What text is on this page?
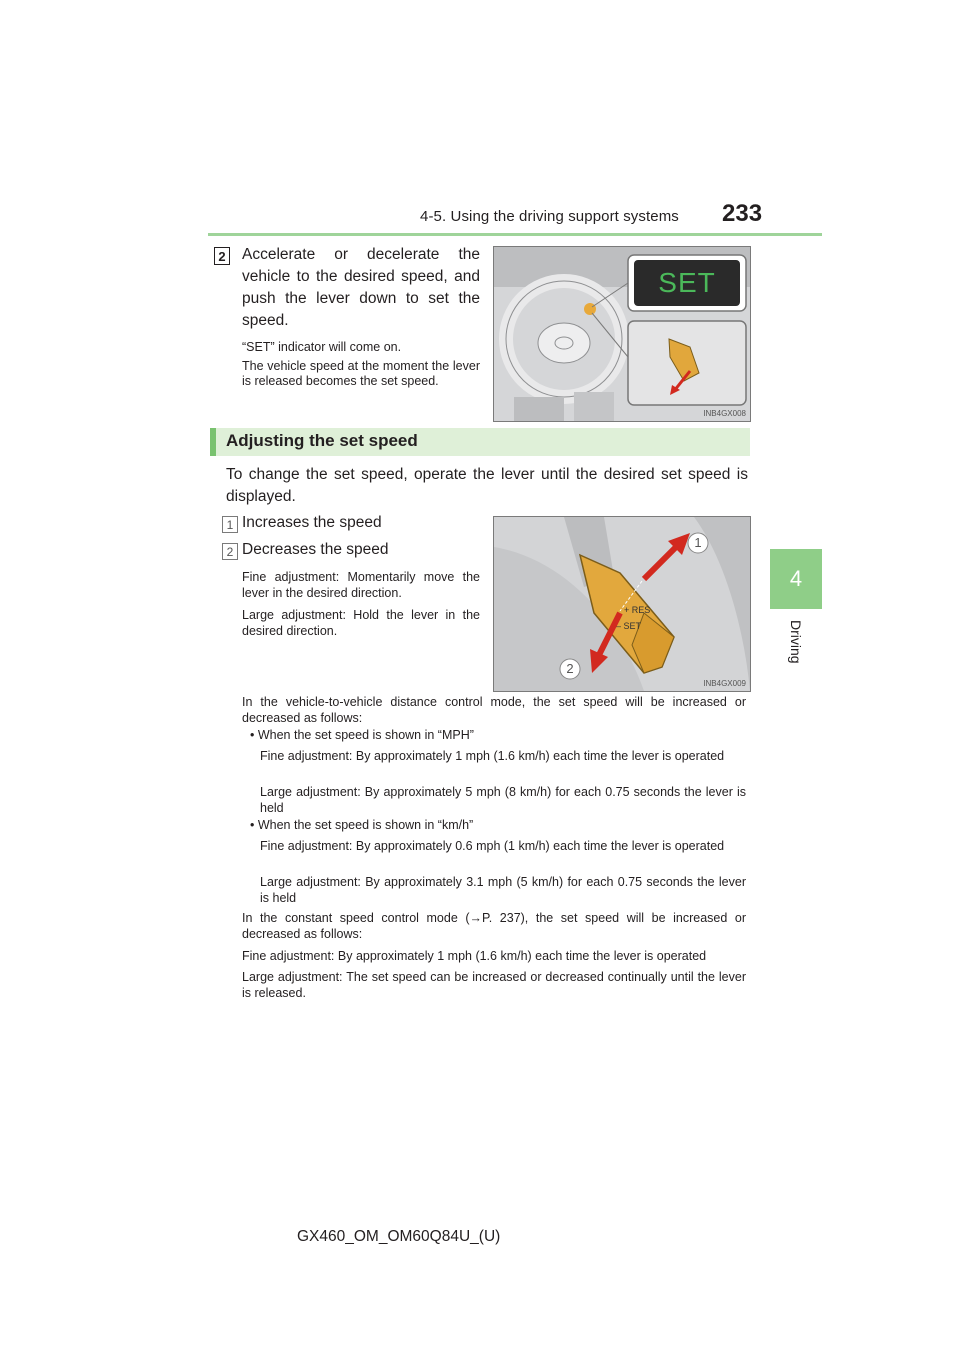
4-5. Using the driving support systems 233
4
Driving
2 Accelerate or decelerate the vehicle to the desired speed, and push the lever down to set the speed.
“SET” indicator will come on.
The vehicle speed at the moment the lever is released becomes the set speed.
SET
INB4GX008
Adjusting the set speed
To change the set speed, operate the lever until the desired set speed is displayed.
1 Increases the speed
2 Decreases the speed
Fine adjustment: Momentarily move the lever in the desired direction.
Large adjustment: Hold the lever in the desired direction.
+ RES
– SET
1
2
INB4GX009
In the vehicle-to-vehicle distance control mode, the set speed will be increased or decreased as follows:
• When the set speed is shown in “MPH”
Fine adjustment: By approximately 1 mph (1.6 km/h) each time the lever is operated
Large adjustment: By approximately 5 mph (8 km/h) for each 0.75 seconds the lever is held
• When the set speed is shown in “km/h”
Fine adjustment: By approximately 0.6 mph (1 km/h) each time the lever is operated
Large adjustment: By approximately 3.1 mph (5 km/h) for each 0.75 seconds the lever is held
In the constant speed control mode (→P. 237), the set speed will be increased or decreased as follows:
Fine adjustment: By approximately 1 mph (1.6 km/h) each time the lever is operated
Large adjustment: The set speed can be increased or decreased continually until the lever is released.
GX460_OM_OM60Q84U_(U)
